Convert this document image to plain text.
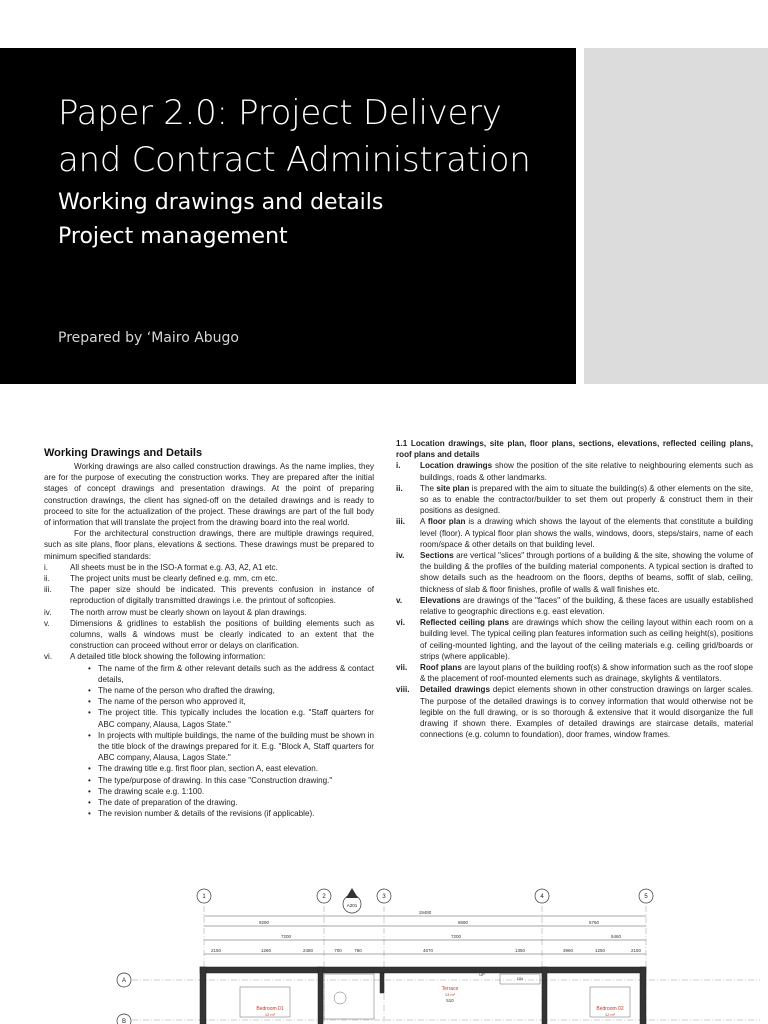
Paper 2.0: Project Delivery and Contract Administration
Working drawings and details
Project management
Prepared by ‘Mairo Abugo
Working Drawings and Details

Working drawings are also called construction drawings. As the name implies, they are for the purpose of executing the construction works. They are prepared after the initial stages of concept drawings and presentation drawings. At the point of preparing construction drawings, the client has signed-off on the detailed drawings and is ready to proceed to site for the actualization of the project. These drawings are part of the full body of information that will translate the project from the drawing board into the real world.

For the architectural construction drawings, there are multiple drawings required, such as site plans, floor plans, elevations & sections. These drawings must be prepared to minimum specified standards:

i.	All sheets must be in the ISO-A format e.g. A3, A2, A1 etc.
ii. The project units must be clearly defined e.g. mm, cm etc.
iii. The paper size should be indicated. This prevents confusion in instance of reproduction of digitally transmitted drawings i.e. the printout of softcopies.
iv. The north arrow must be clearly shown on layout & plan drawings.
v.	Dimensions & gridlines to establish the positions of building elements such as columns, walls & windows must be clearly indicated to an extent that the construction can proceed without error or delays on clarification.
vi. A detailed title block showing the following information:
• The name of the firm & other relevant details such as the address & contact details,
• The name of the person who drafted the drawing,
• The name of the person who approved it,
• The project title. This typically includes the location e.g. "Staff quarters for ABC company, Alausa, Lagos State."
• In projects with multiple buildings, the name of the building must be shown in the title block of the drawings prepared for it. E.g. "Block A, Staff quarters for ABC company, Alausa, Lagos State."
• The drawing title e.g. first floor plan, section A, east elevation.
• The type/purpose of drawing. In this case "Construction drawing."
• The drawing scale e.g. 1:100.
• The date of preparation of the drawing.
• The revision number & details of the revisions (if applicable).

1.1 Location drawings, site plan, floor plans, sections, elevations, reflected ceiling plans, roof plans and details

i. Location drawings show the position of the site relative to neighbouring elements such as buildings, roads & other landmarks.
ii. The site plan is prepared with the aim to situate the building(s) & other elements on the site, so as to enable the contractor/builder to set them out properly & construct them in their positions as designed.
iii. A floor plan is a drawing which shows the layout of the elements that constitute a building level (floor). A typical floor plan shows the walls, windows, doors, steps/stairs, name of each room/space & other details on that building level.
iv. Sections are vertical "slices" through portions of a building & the site, showing the volume of the building & the profiles of the building material components. A typical section is drafted to show details such as the headroom on the floors, depths of beams, soffit of slab, ceiling, thickness of slab & floor finishes, profile of walls & wall finishes etc.
v. Elevations are drawings of the "faces" of the building, & these faces are usually established relative to geographic directions e.g. east elevation.
vi. Reflected ceiling plans are drawings which show the ceiling layout within each room on a building level. The typical ceiling plan features information such as ceiling height(s), positions of ceiling-mounted lighting, and the layout of the ceiling materials e.g. ceiling grid/boards or strips (where applicable).
vii. Roof plans are layout plans of the building roof(s) & show information such as the roof slope & the placement of roof-mounted elements such as drainage, skylights & ventilators.
viii. Detailed drawings depict elements shown in other construction drawings on larger scales. The purpose of the detailed drawings is to convey information that would otherwise not be legible on the full drawing, or is so thorough & extensive that it would disorganize the full drawing if shown there. Examples of detailed drawings are staircase details, material connections (e.g. column to foundation), door frames, window frames.
1	2	3	4	5
A
B
A201
19480
9290	8690	5760
7200	7200	5460
2150	1260	2480	700	760	4670	1350	3960	1250	2150
Terrace
13 m²
510
Bedroom 01
12 m²
Bedroom 02
12 m²
DN
UP
